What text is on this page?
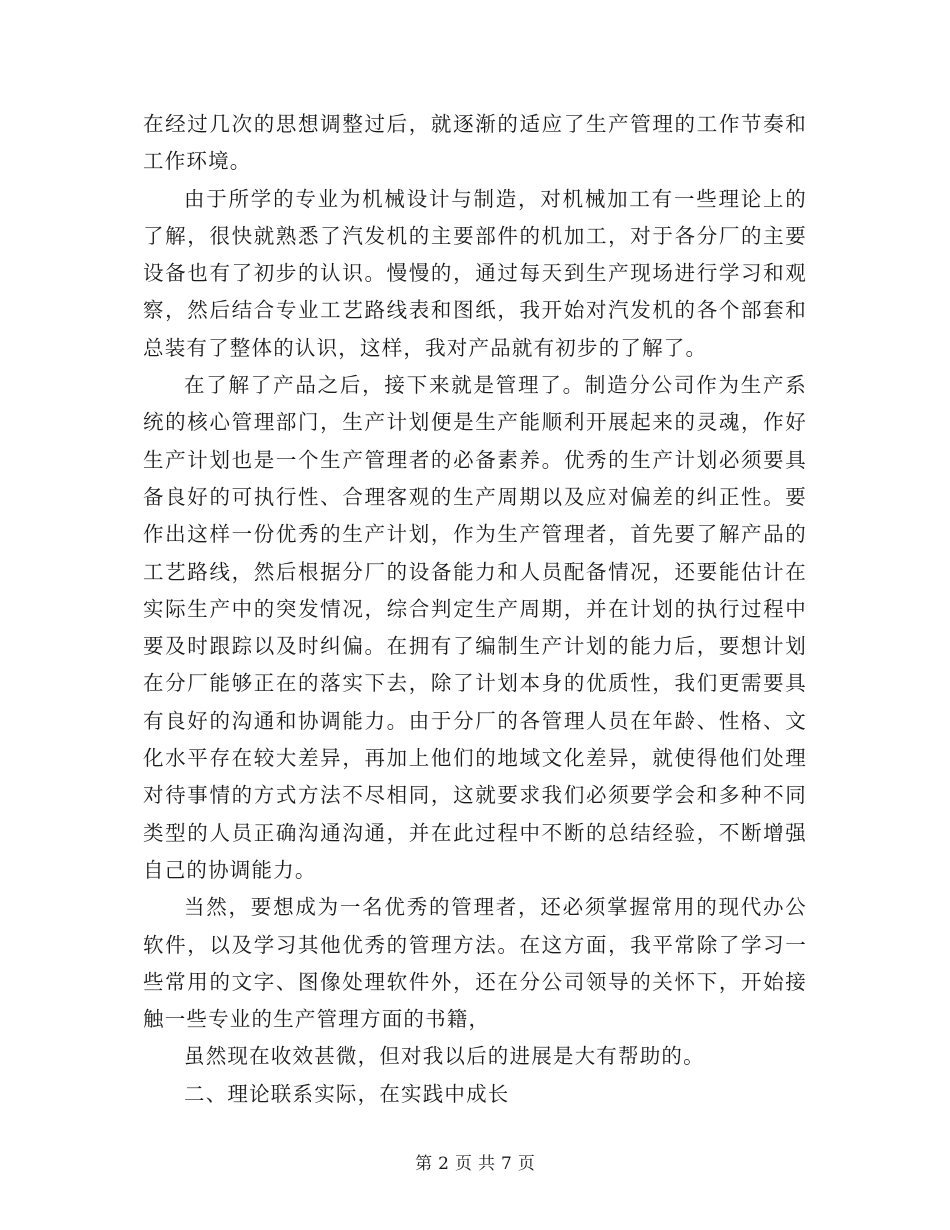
在经过几次的思想调整过后，就逐渐的适应了生产管理的工作节奏和工作环境。

由于所学的专业为机械设计与制造，对机械加工有一些理论上的了解，很快就熟悉了汽发机的主要部件的机加工，对于各分厂的主要设备也有了初步的认识。慢慢的，通过每天到生产现场进行学习和观察，然后结合专业工艺路线表和图纸，我开始对汽发机的各个部套和总装有了整体的认识，这样，我对产品就有初步的了解了。

在了解了产品之后，接下来就是管理了。制造分公司作为生产系统的核心管理部门，生产计划便是生产能顺利开展起来的灵魂，作好生产计划也是一个生产管理者的必备素养。优秀的生产计划必须要具备良好的可执行性、合理客观的生产周期以及应对偏差的纠正性。要作出这样一份优秀的生产计划，作为生产管理者，首先要了解产品的工艺路线，然后根据分厂的设备能力和人员配备情况，还要能估计在实际生产中的突发情况，综合判定生产周期，并在计划的执行过程中要及时跟踪以及时纠偏。在拥有了编制生产计划的能力后，要想计划在分厂能够正在的落实下去，除了计划本身的优质性，我们更需要具有良好的沟通和协调能力。由于分厂的各管理人员在年龄、性格、文化水平存在较大差异，再加上他们的地域文化差异，就使得他们处理对待事情的方式方法不尽相同，这就要求我们必须要学会和多种不同类型的人员正确沟通沟通，并在此过程中不断的总结经验，不断增强自己的协调能力。

当然，要想成为一名优秀的管理者，还必须掌握常用的现代办公软件，以及学习其他优秀的管理方法。在这方面，我平常除了学习一些常用的文字、图像处理软件外，还在分公司领导的关怀下，开始接触一些专业的生产管理方面的书籍，

虽然现在收效甚微，但对我以后的进展是大有帮助的。

二、理论联系实际，在实践中成长

第 2 页 共 7 页
